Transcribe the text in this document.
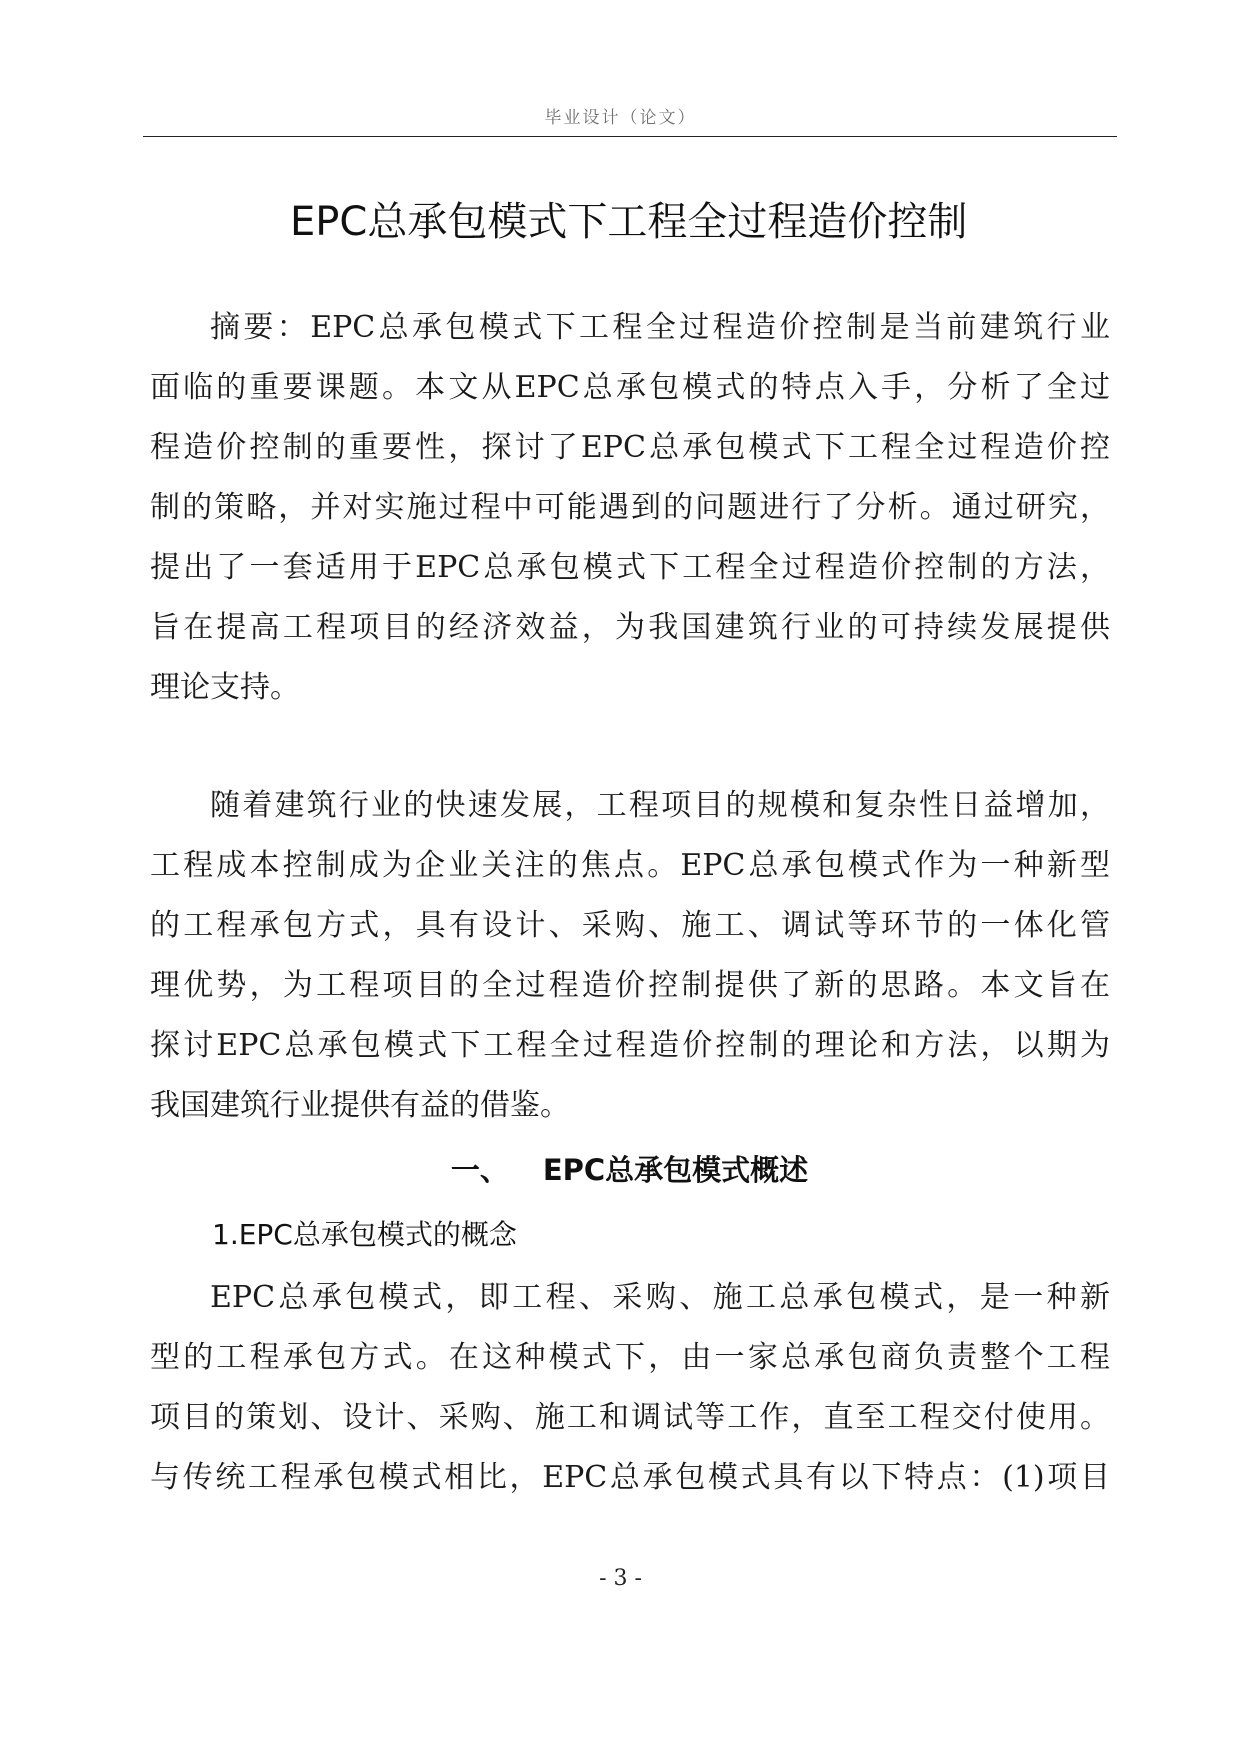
毕业设计（论文）
EPC总承包模式下工程全过程造价控制
摘要：EPC总承包模式下工程全过程造价控制是当前建筑行业
面临的重要课题。本文从EPC总承包模式的特点入手，分析了全过
程造价控制的重要性，探讨了EPC总承包模式下工程全过程造价控
制的策略，并对实施过程中可能遇到的问题进行了分析。通过研究，
提出了一套适用于EPC总承包模式下工程全过程造价控制的方法，
旨在提高工程项目的经济效益，为我国建筑行业的可持续发展提供
理论支持。
随着建筑行业的快速发展，工程项目的规模和复杂性日益增加，
工程成本控制成为企业关注的焦点。EPC总承包模式作为一种新型
的工程承包方式，具有设计、采购、施工、调试等环节的一体化管
理优势，为工程项目的全过程造价控制提供了新的思路。本文旨在
探讨EPC总承包模式下工程全过程造价控制的理论和方法，以期为
我国建筑行业提供有益的借鉴。
一、 EPC总承包模式概述
1.EPC总承包模式的概念
EPC总承包模式，即工程、采购、施工总承包模式，是一种新
型的工程承包方式。在这种模式下，由一家总承包商负责整个工程
项目的策划、设计、采购、施工和调试等工作，直至工程交付使用。
与传统工程承包模式相比，EPC总承包模式具有以下特点：(1)项目
- 3 -
